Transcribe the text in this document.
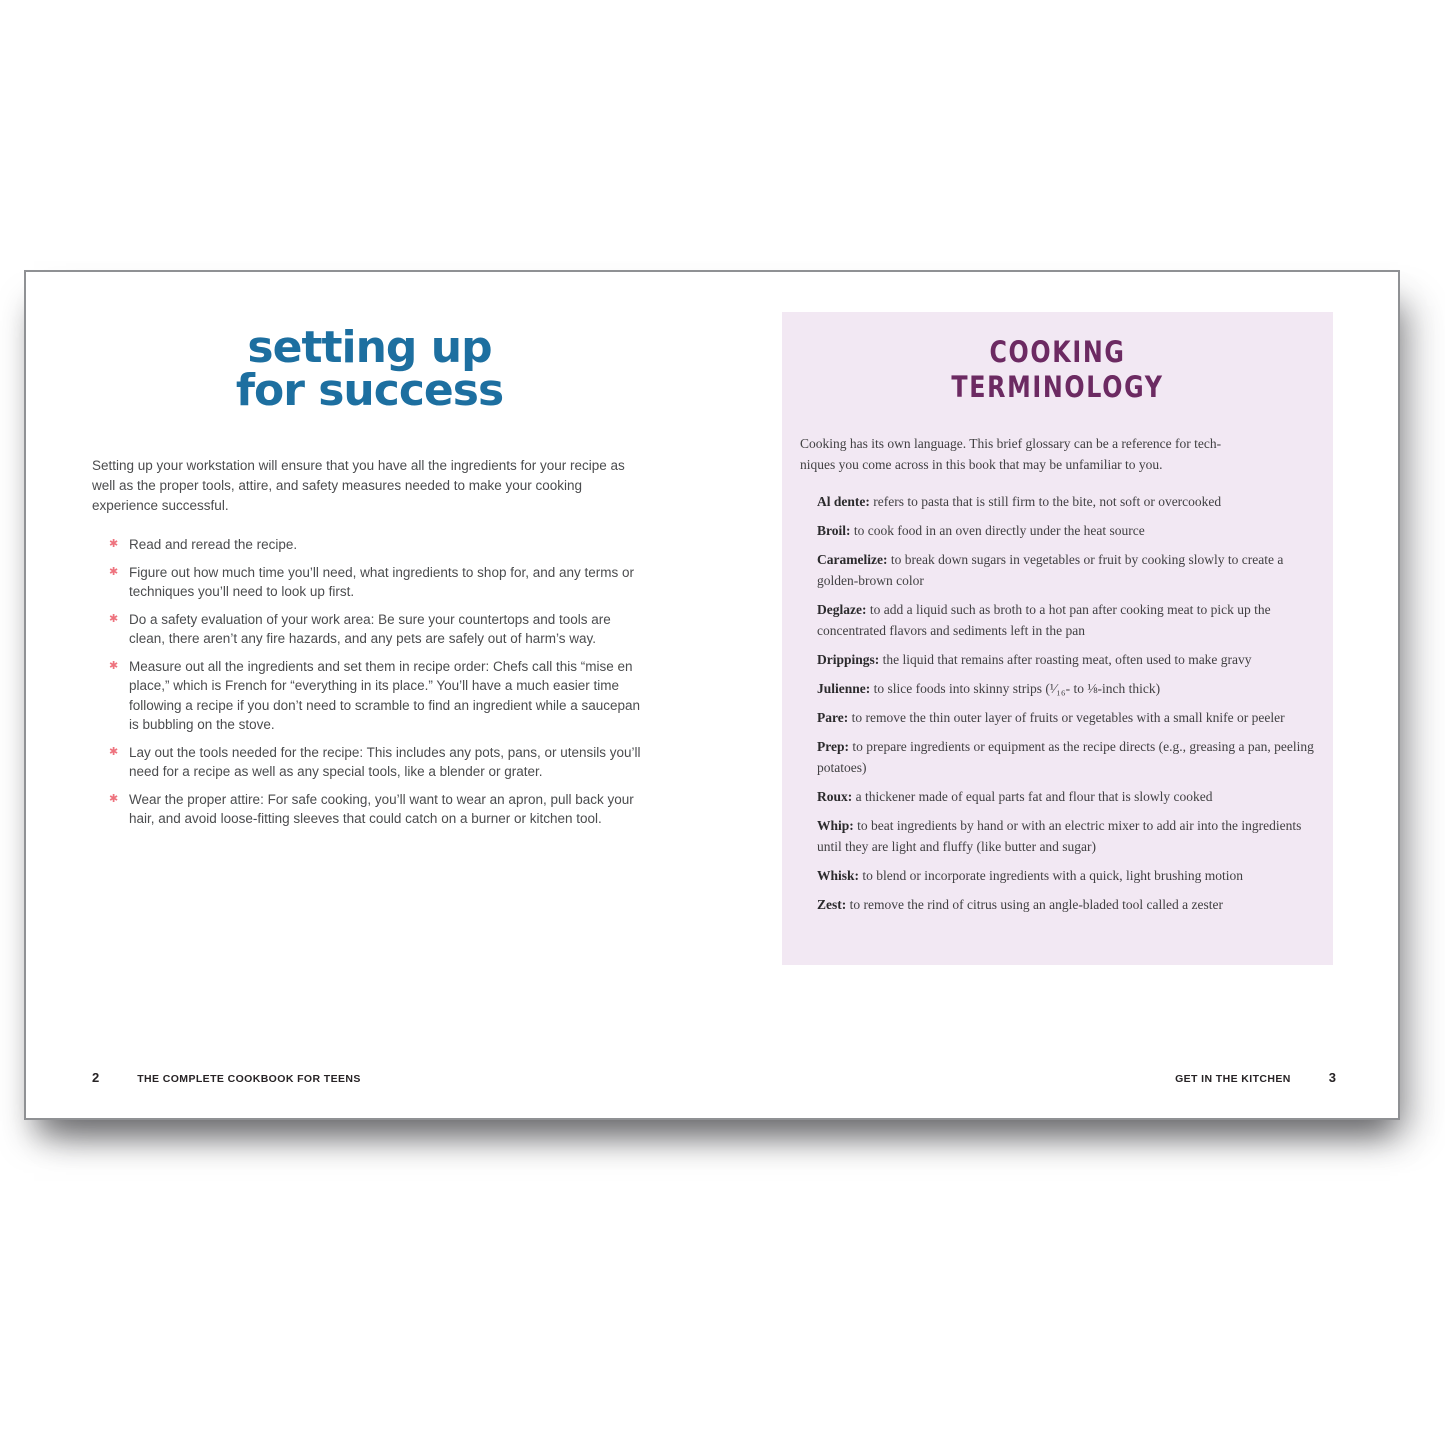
setting up
for success

Setting up your workstation will ensure that you have all the ingredients for your recipe as well as the proper tools, attire, and safety measures needed to make your cooking experience successful.

✱ Read and reread the recipe.
✱ Figure out how much time you’ll need, what ingredients to shop for, and any terms or techniques you’ll need to look up first.
✱ Do a safety evaluation of your work area: Be sure your countertops and tools are clean, there aren’t any fire hazards, and any pets are safely out of harm’s way.
✱ Measure out all the ingredients and set them in recipe order: Chefs call this “mise en place,” which is French for “everything in its place.” You’ll have a much easier time following a recipe if you don’t need to scramble to find an ingredient while a saucepan is bubbling on the stove.
✱ Lay out the tools needed for the recipe: This includes any pots, pans, or utensils you’ll need for a recipe as well as any special tools, like a blender or grater.
✱ Wear the proper attire: For safe cooking, you’ll want to wear an apron, pull back your hair, and avoid loose-fitting sleeves that could catch on a burner or kitchen tool.
COOKING
TERMINOLOGY

Cooking has its own language. This brief glossary can be a reference for tech-
niques you come across in this book that may be unfamiliar to you.

Al dente: refers to pasta that is still firm to the bite, not soft or overcooked

Broil: to cook food in an oven directly under the heat source

Caramelize: to break down sugars in vegetables or fruit by cooking slowly to create a golden-brown color

Deglaze: to add a liquid such as broth to a hot pan after cooking meat to pick up the concentrated flavors and sediments left in the pan

Drippings: the liquid that remains after roasting meat, often used to make gravy

Julienne: to slice foods into skinny strips (¹⁄₁₆- to ⅛-inch thick)

Pare: to remove the thin outer layer of fruits or vegetables with a small knife or peeler

Prep: to prepare ingredients or equipment as the recipe directs (e.g., greasing a pan, peeling potatoes)

Roux: a thickener made of equal parts fat and flour that is slowly cooked

Whip: to beat ingredients by hand or with an electric mixer to add air into the ingredients until they are light and fluffy (like butter and sugar)

Whisk: to blend or incorporate ingredients with a quick, light brushing motion

Zest: to remove the rind of citrus using an angle-bladed tool called a zester

2	THE COMPLETE COOKBOOK FOR TEENS	GET IN THE KITCHEN	3
